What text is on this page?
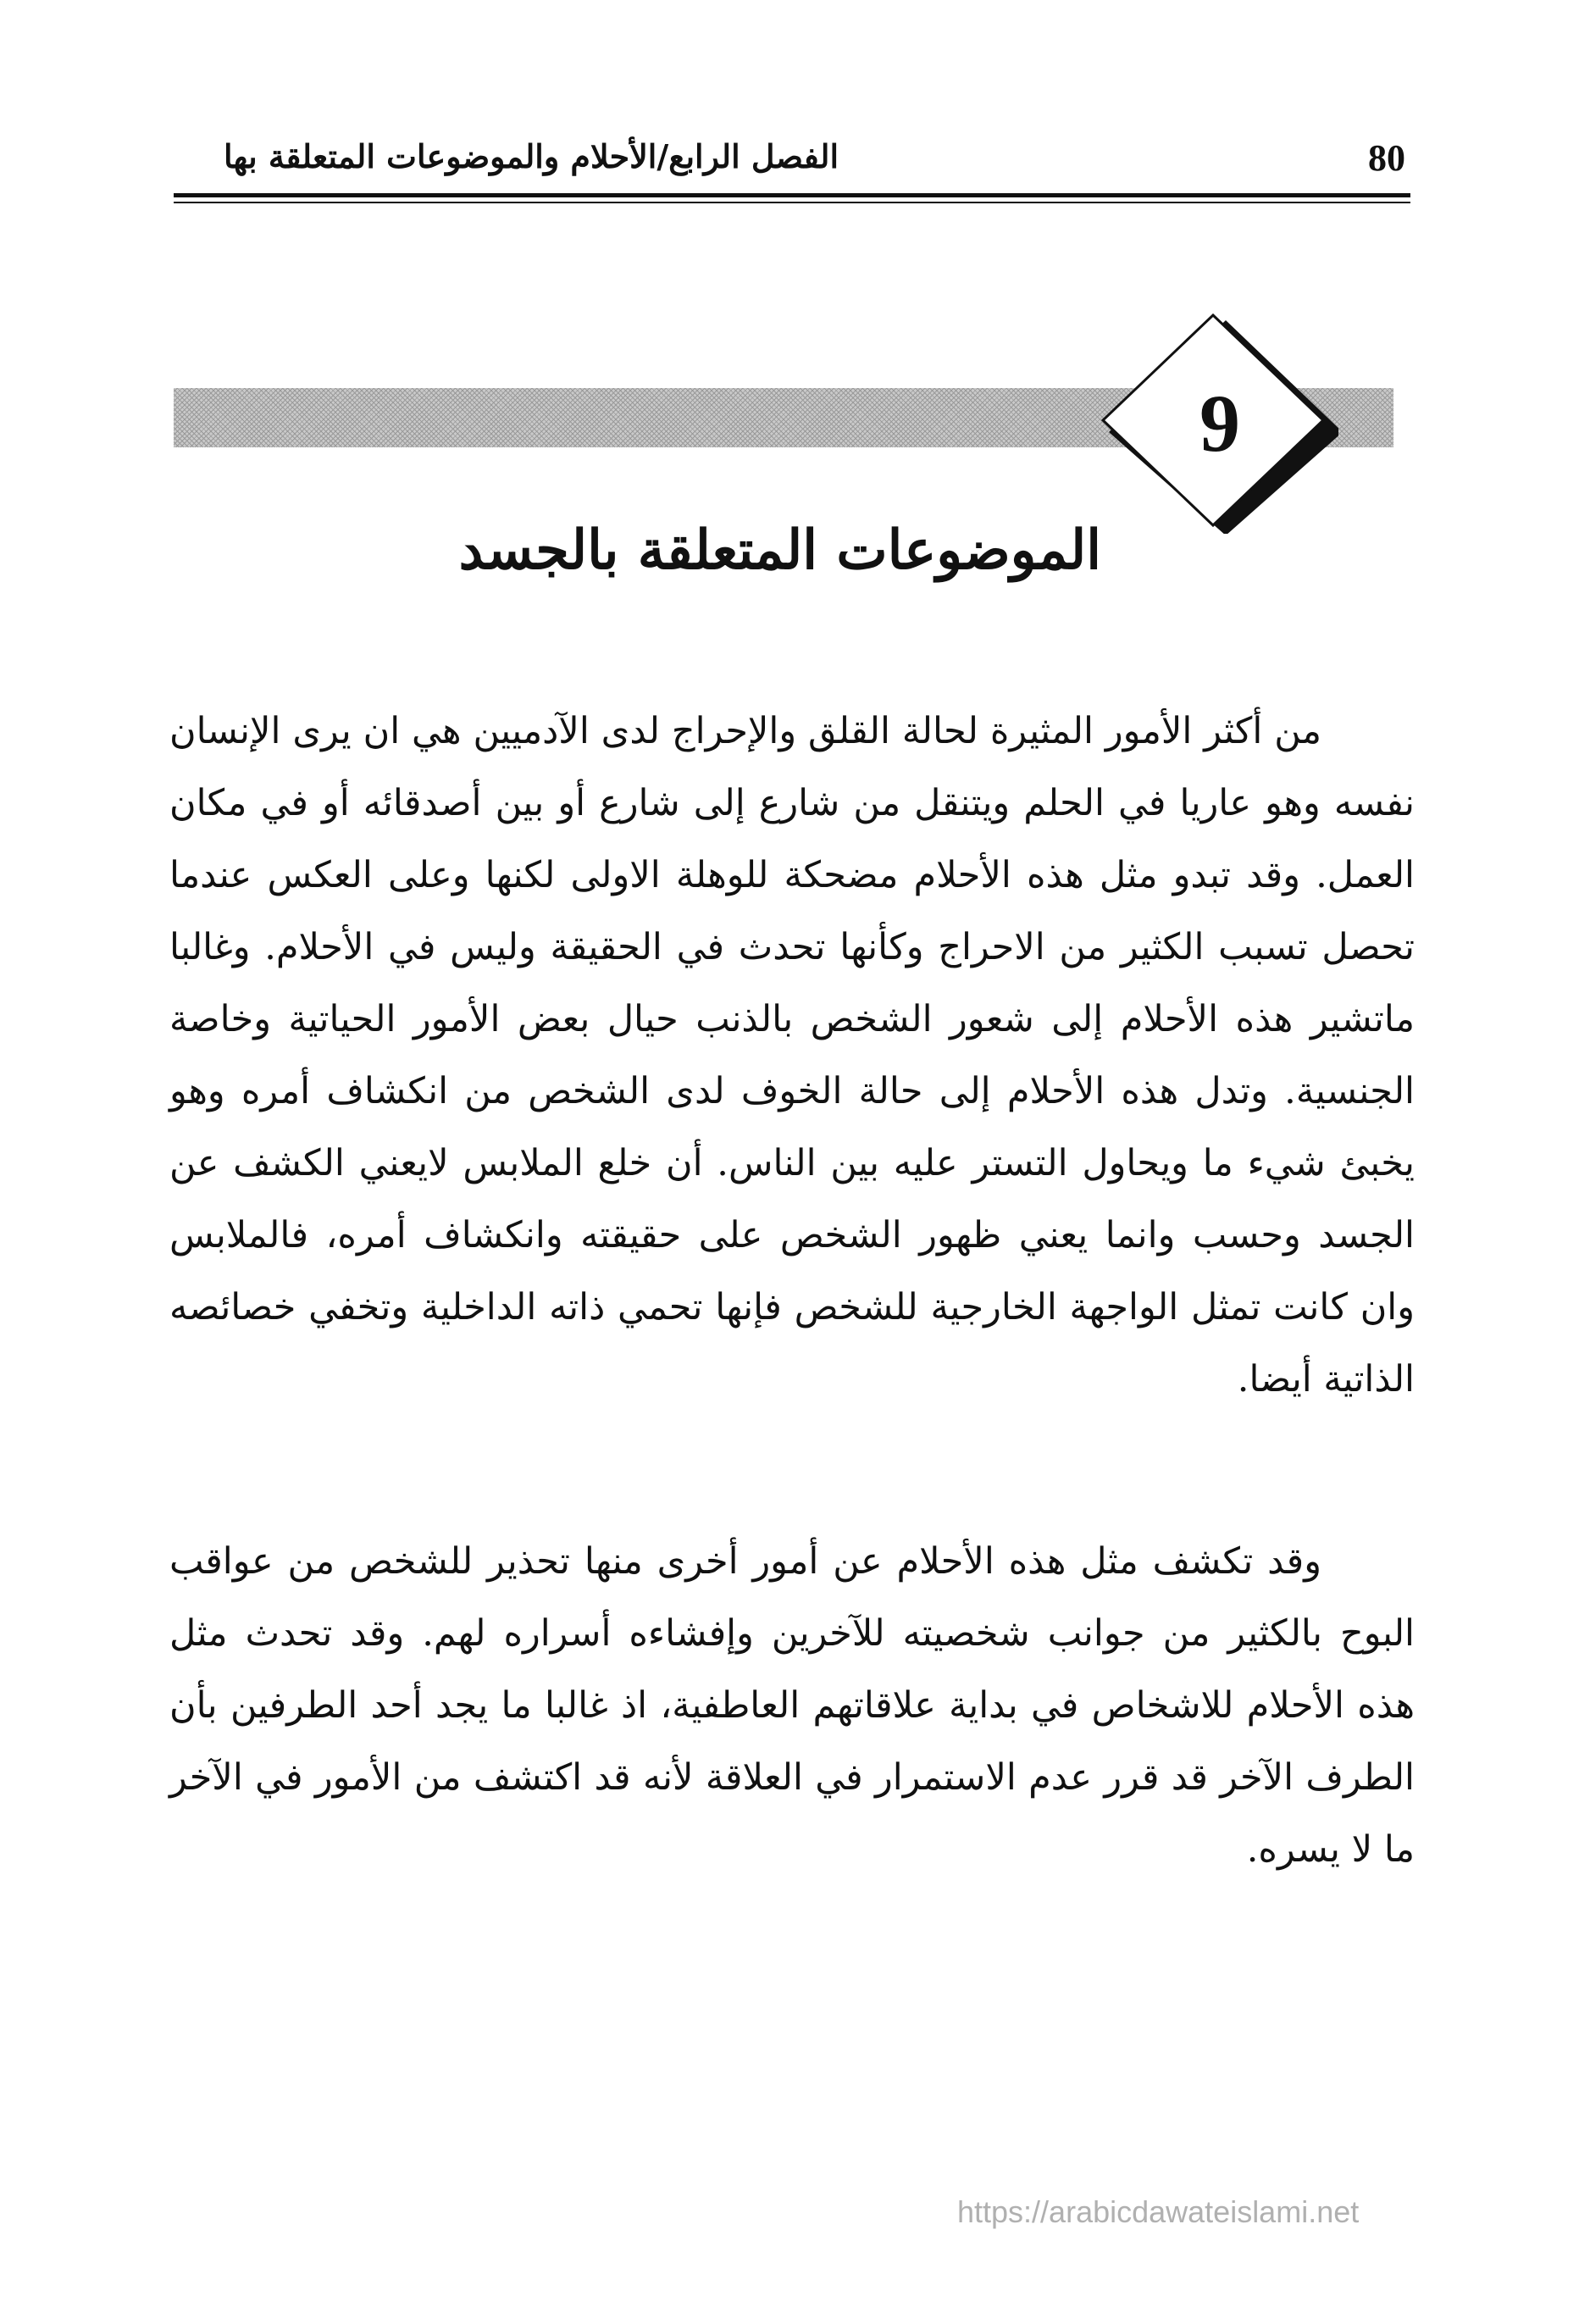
80
الفصل الرابع/الأحلام والموضوعات المتعلقة بها
9
الموضوعات المتعلقة بالجسد

من أكثر الأمور المثيرة لحالة القلق والإحراج لدى الآدميين هي ان يرى الإنسان نفسه وهو عاريا في الحلم ويتنقل من شارع إلى شارع أو بين أصدقائه أو في مكان العمل. وقد تبدو مثل هذه الأحلام مضحكة للوهلة الاولى لكنها وعلى العكس عندما تحصل تسبب الكثير من الاحراج وكأنها تحدث في الحقيقة وليس في الأحلام. وغالبا ماتشير هذه الأحلام إلى شعور الشخص بالذنب حيال بعض الأمور الحياتية وخاصة الجنسية. وتدل هذه الأحلام إلى حالة الخوف لدى الشخص من انكشاف أمره وهو يخبئ شيء ما ويحاول التستر عليه بين الناس. أن خلع الملابس لايعني الكشف عن الجسد وحسب وانما يعني ظهور الشخص على حقيقته وانكشاف أمره، فالملابس وان كانت تمثل الواجهة الخارجية للشخص فإنها تحمي ذاته الداخلية وتخفي خصائصه الذاتية أيضا.

وقد تكشف مثل هذه الأحلام عن أمور أخرى منها تحذير للشخص من عواقب البوح بالكثير من جوانب شخصيته للآخرين وإفشاءه أسراره لهم. وقد تحدث مثل هذه الأحلام للاشخاص في بداية علاقاتهم العاطفية، اذ غالبا ما يجد أحد الطرفين بأن الطرف الآخر قد قرر عدم الاستمرار في العلاقة لأنه قد اكتشف من الأمور في الآخر ما لا يسره.

https://arabicdawateislami.net
